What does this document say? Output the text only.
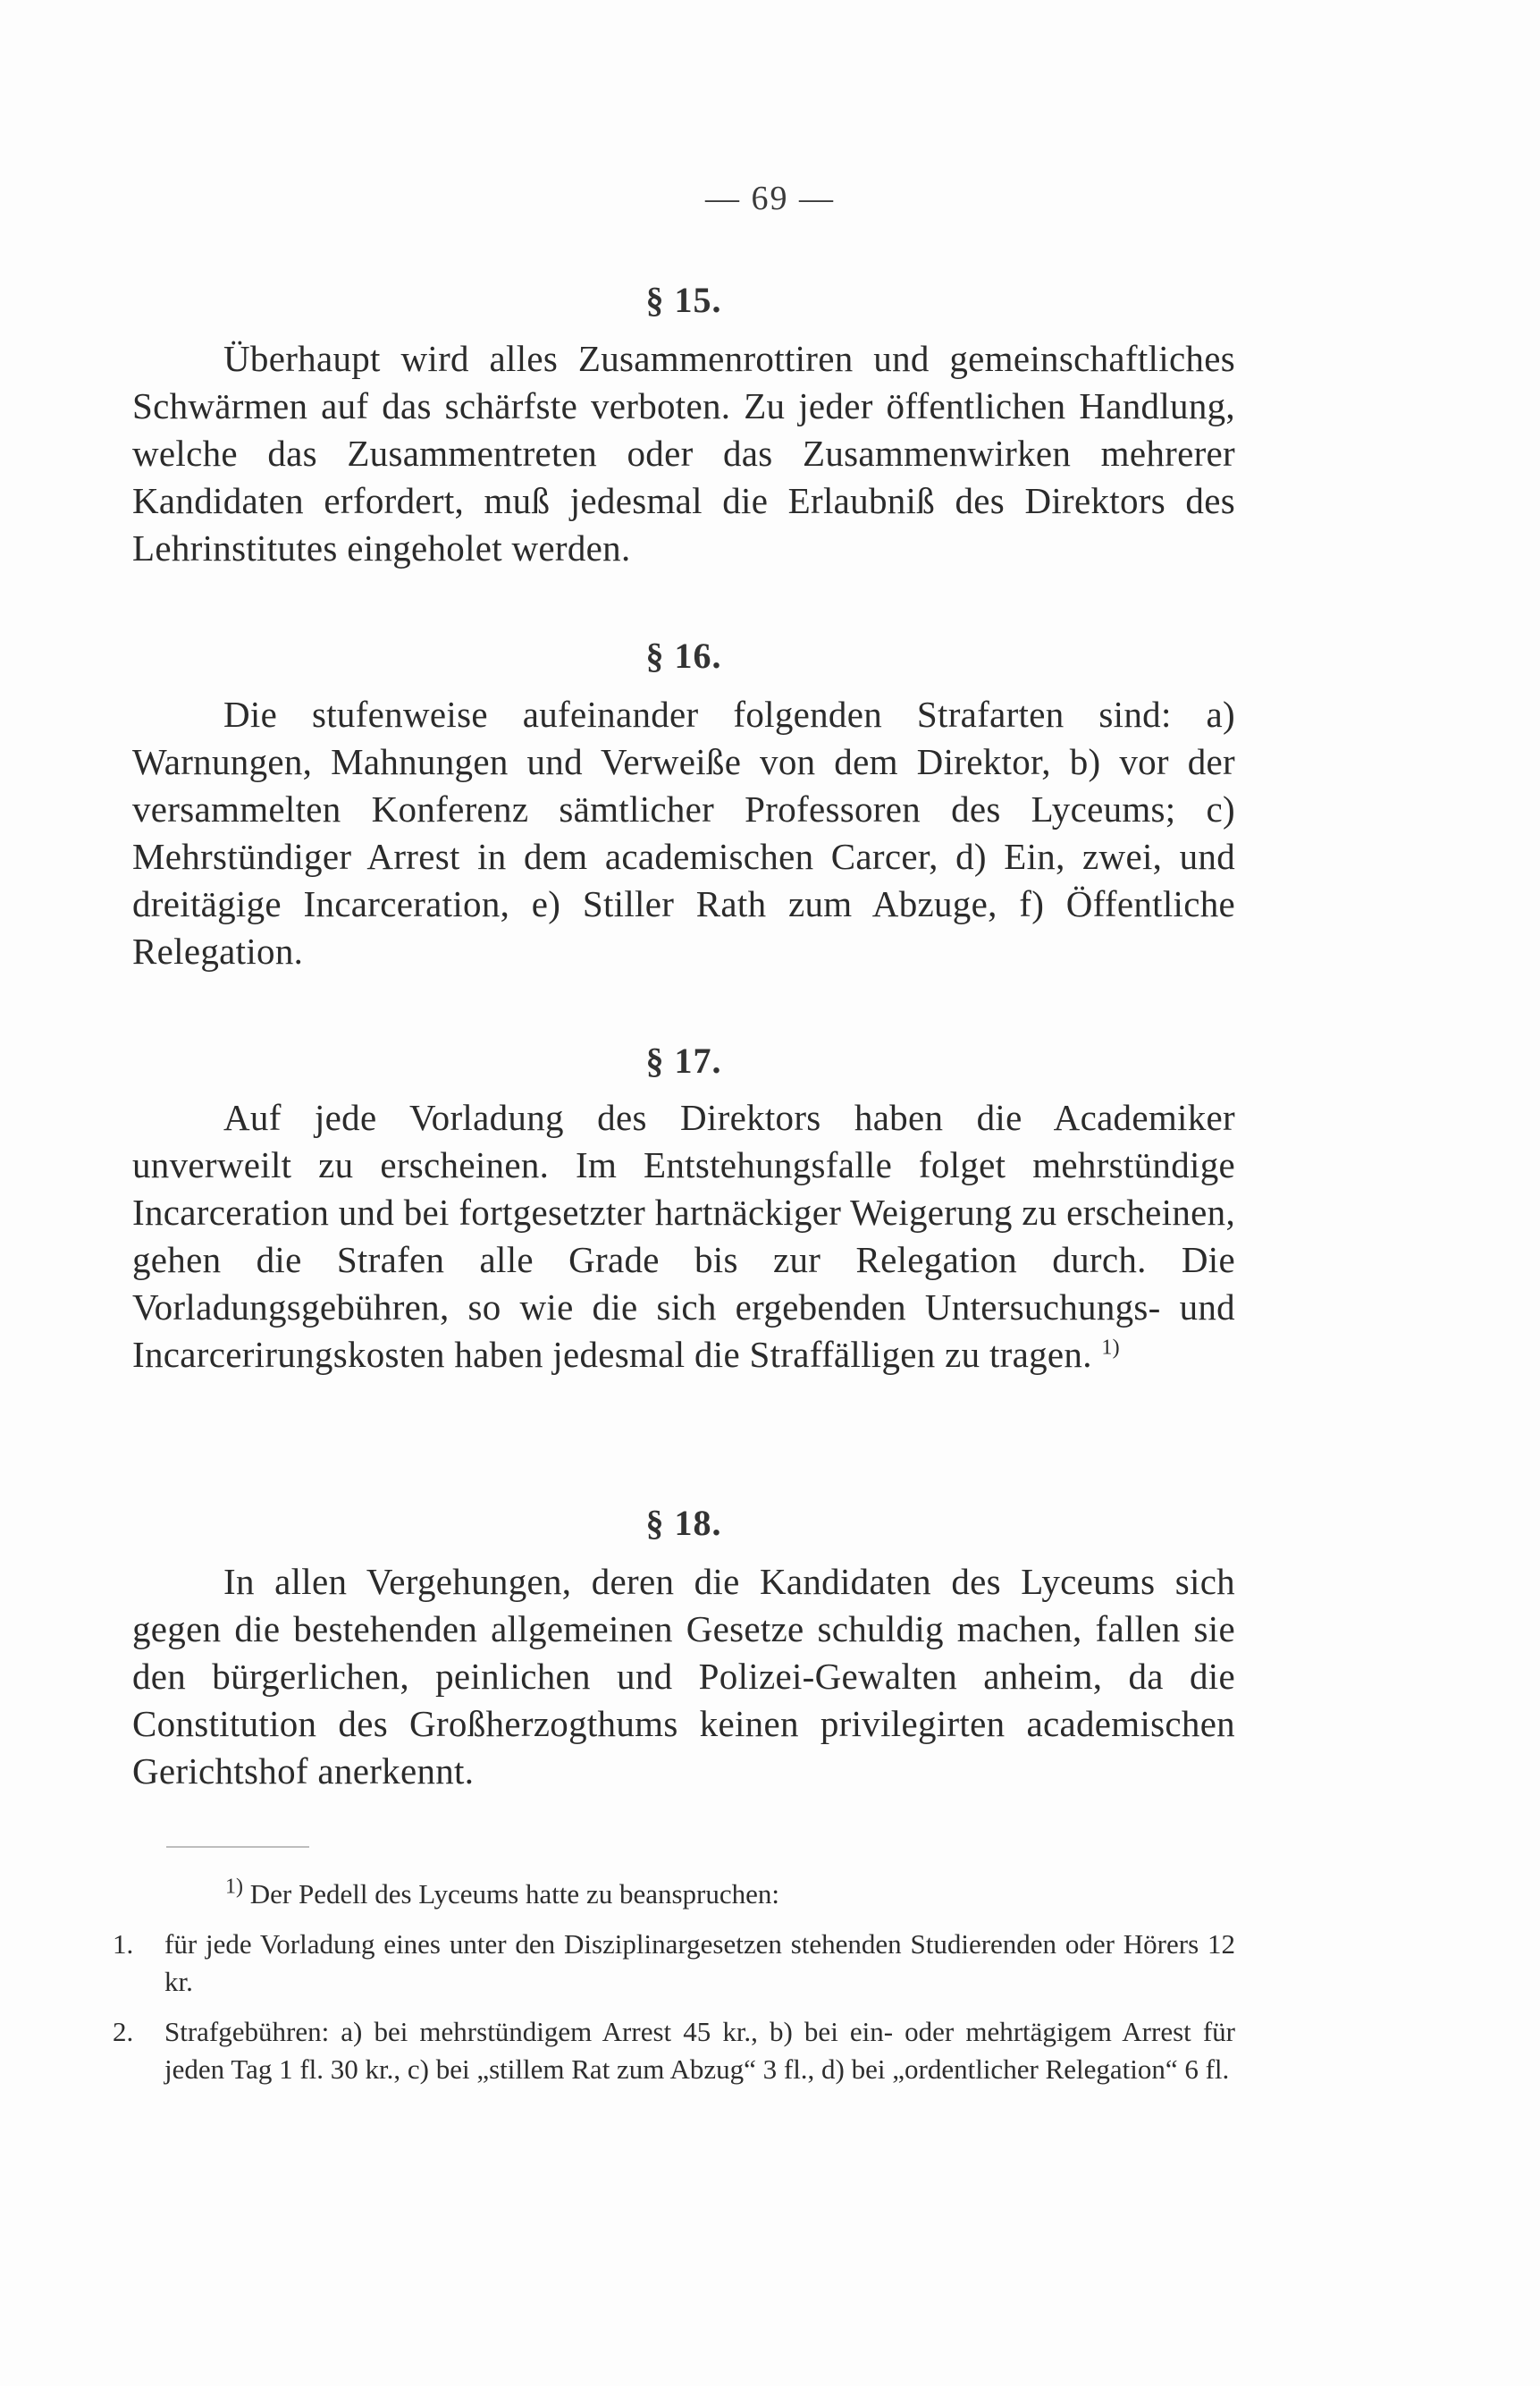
— 69 —
§ 15.

Überhaupt wird alles Zusammenrottiren und gemeinschaftliches Schwärmen auf das schärfste verboten. Zu jeder öffentlichen Handlung, welche das Zusammentreten oder das Zusammenwirken mehrerer Kandidaten erfordert, muß jedesmal die Erlaubniß des Direktors des Lehrinstitutes eingeholet werden.

§ 16.

Die stufenweise aufeinander folgenden Strafarten sind: a) Warnungen, Mahnungen und Verweiße von dem Direktor, b) vor der versammelten Konferenz sämtlicher Professoren des Lyceums; c) Mehrstündiger Arrest in dem academischen Carcer, d) Ein, zwei, und dreitägige Incarceration, e) Stiller Rath zum Abzuge, f) Öffentliche Relegation.

§ 17.

Auf jede Vorladung des Direktors haben die Academiker unverweilt zu erscheinen. Im Entstehungsfalle folget mehrstündige Incarceration und bei fortgesetzter hartnäckiger Weigerung zu erscheinen, gehen die Strafen alle Grade bis zur Relegation durch. Die Vorladungsgebühren, so wie die sich ergebenden Untersuchungs- und Incarcerirungskosten haben jedesmal die Straffälligen zu tragen. $^{1)}$

§ 18.

In allen Vergehungen, deren die Kandidaten des Lyceums sich gegen die bestehenden allgemeinen Gesetze schuldig machen, fallen sie den bürgerlichen, peinlichen und Polizei-Gewalten anheim, da die Constitution des Großherzogthums keinen privilegirten academischen Gerichtshof anerkennt.

$^{1)}$ Der Pedell des Lyceums hatte zu beanspruchen:

1.	für jede Vorladung eines unter den Disziplinargesetzen stehenden Studierenden oder Hörers 12 kr.

2.	Strafgebühren: a) bei mehrstündigem Arrest 45 kr., b) bei ein- oder mehrtägigem Arrest für jeden Tag 1 fl. 30 kr., c) bei „stillem Rat zum Abzug“ 3 fl., d) bei „ordentlicher Relegation“ 6 fl.
